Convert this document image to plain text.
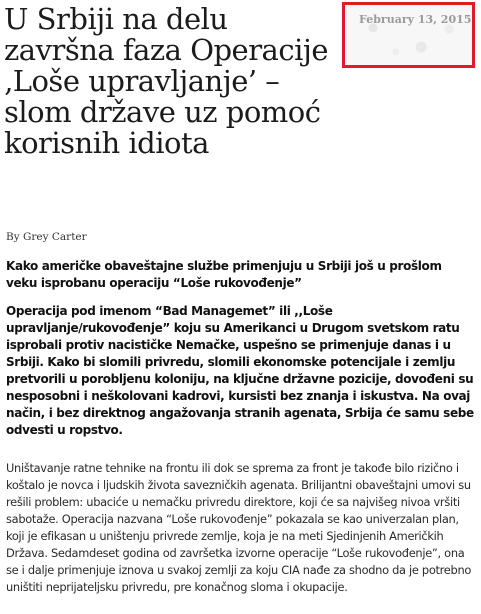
U Srbiji na delu završna faza Operacije ‚Loše upravljanje’ – slom države uz pomoć korisnih idiota
February 13, 2015

By Grey Carter

Kako američke obaveštajne službe primenjuju u Srbiji još u prošlom veku isprobanu operaciju “Loše rukovođenje”

Operacija pod imenom “Bad Managemet” ili ,,Loše upravljanje/rukovođenje” koju su Amerikanci u Drugom svetskom ratu isprobali protiv nacističke Nemačke, uspešno se primenjuje danas i u Srbiji. Kako bi slomili privredu, slomili ekonomske potencijale i zemlju pretvorili u porobljenu koloniju, na ključne državne pozicije, dovođeni su nesposobni i neškolovani kadrovi, kursisti bez znanja i iskustva. Na ovaj način, i bez direktnog angažovanja stranih agenata, Srbija će samu sebe odvesti u ropstvo.

Uništavanje ratne tehnike na frontu ili dok se sprema za front je takođe bilo rizično i koštalo je novca i ljudskih života savezničkih agenata. Brilijantni obaveštajni umovi su rešili problem: ubaciće u nemačku privredu direktore, koji će sa najvišeg nivoa vršiti sabotaže. Operacija nazvana “Loše rukovođenje” pokazala se kao univerzalan plan, koji je efikasan u uništenju privrede zemlje, koja je na meti Sjedinjenih Američkih Država. Sedamdeset godina od završetka izvorne operacije “Loše rukovođenje”, ona se i dalje primenjuje iznova u svakoj zemlji za koju CIA nađe za shodno da je potrebno uništiti neprijateljsku privredu, pre konačnog sloma i okupacije.
